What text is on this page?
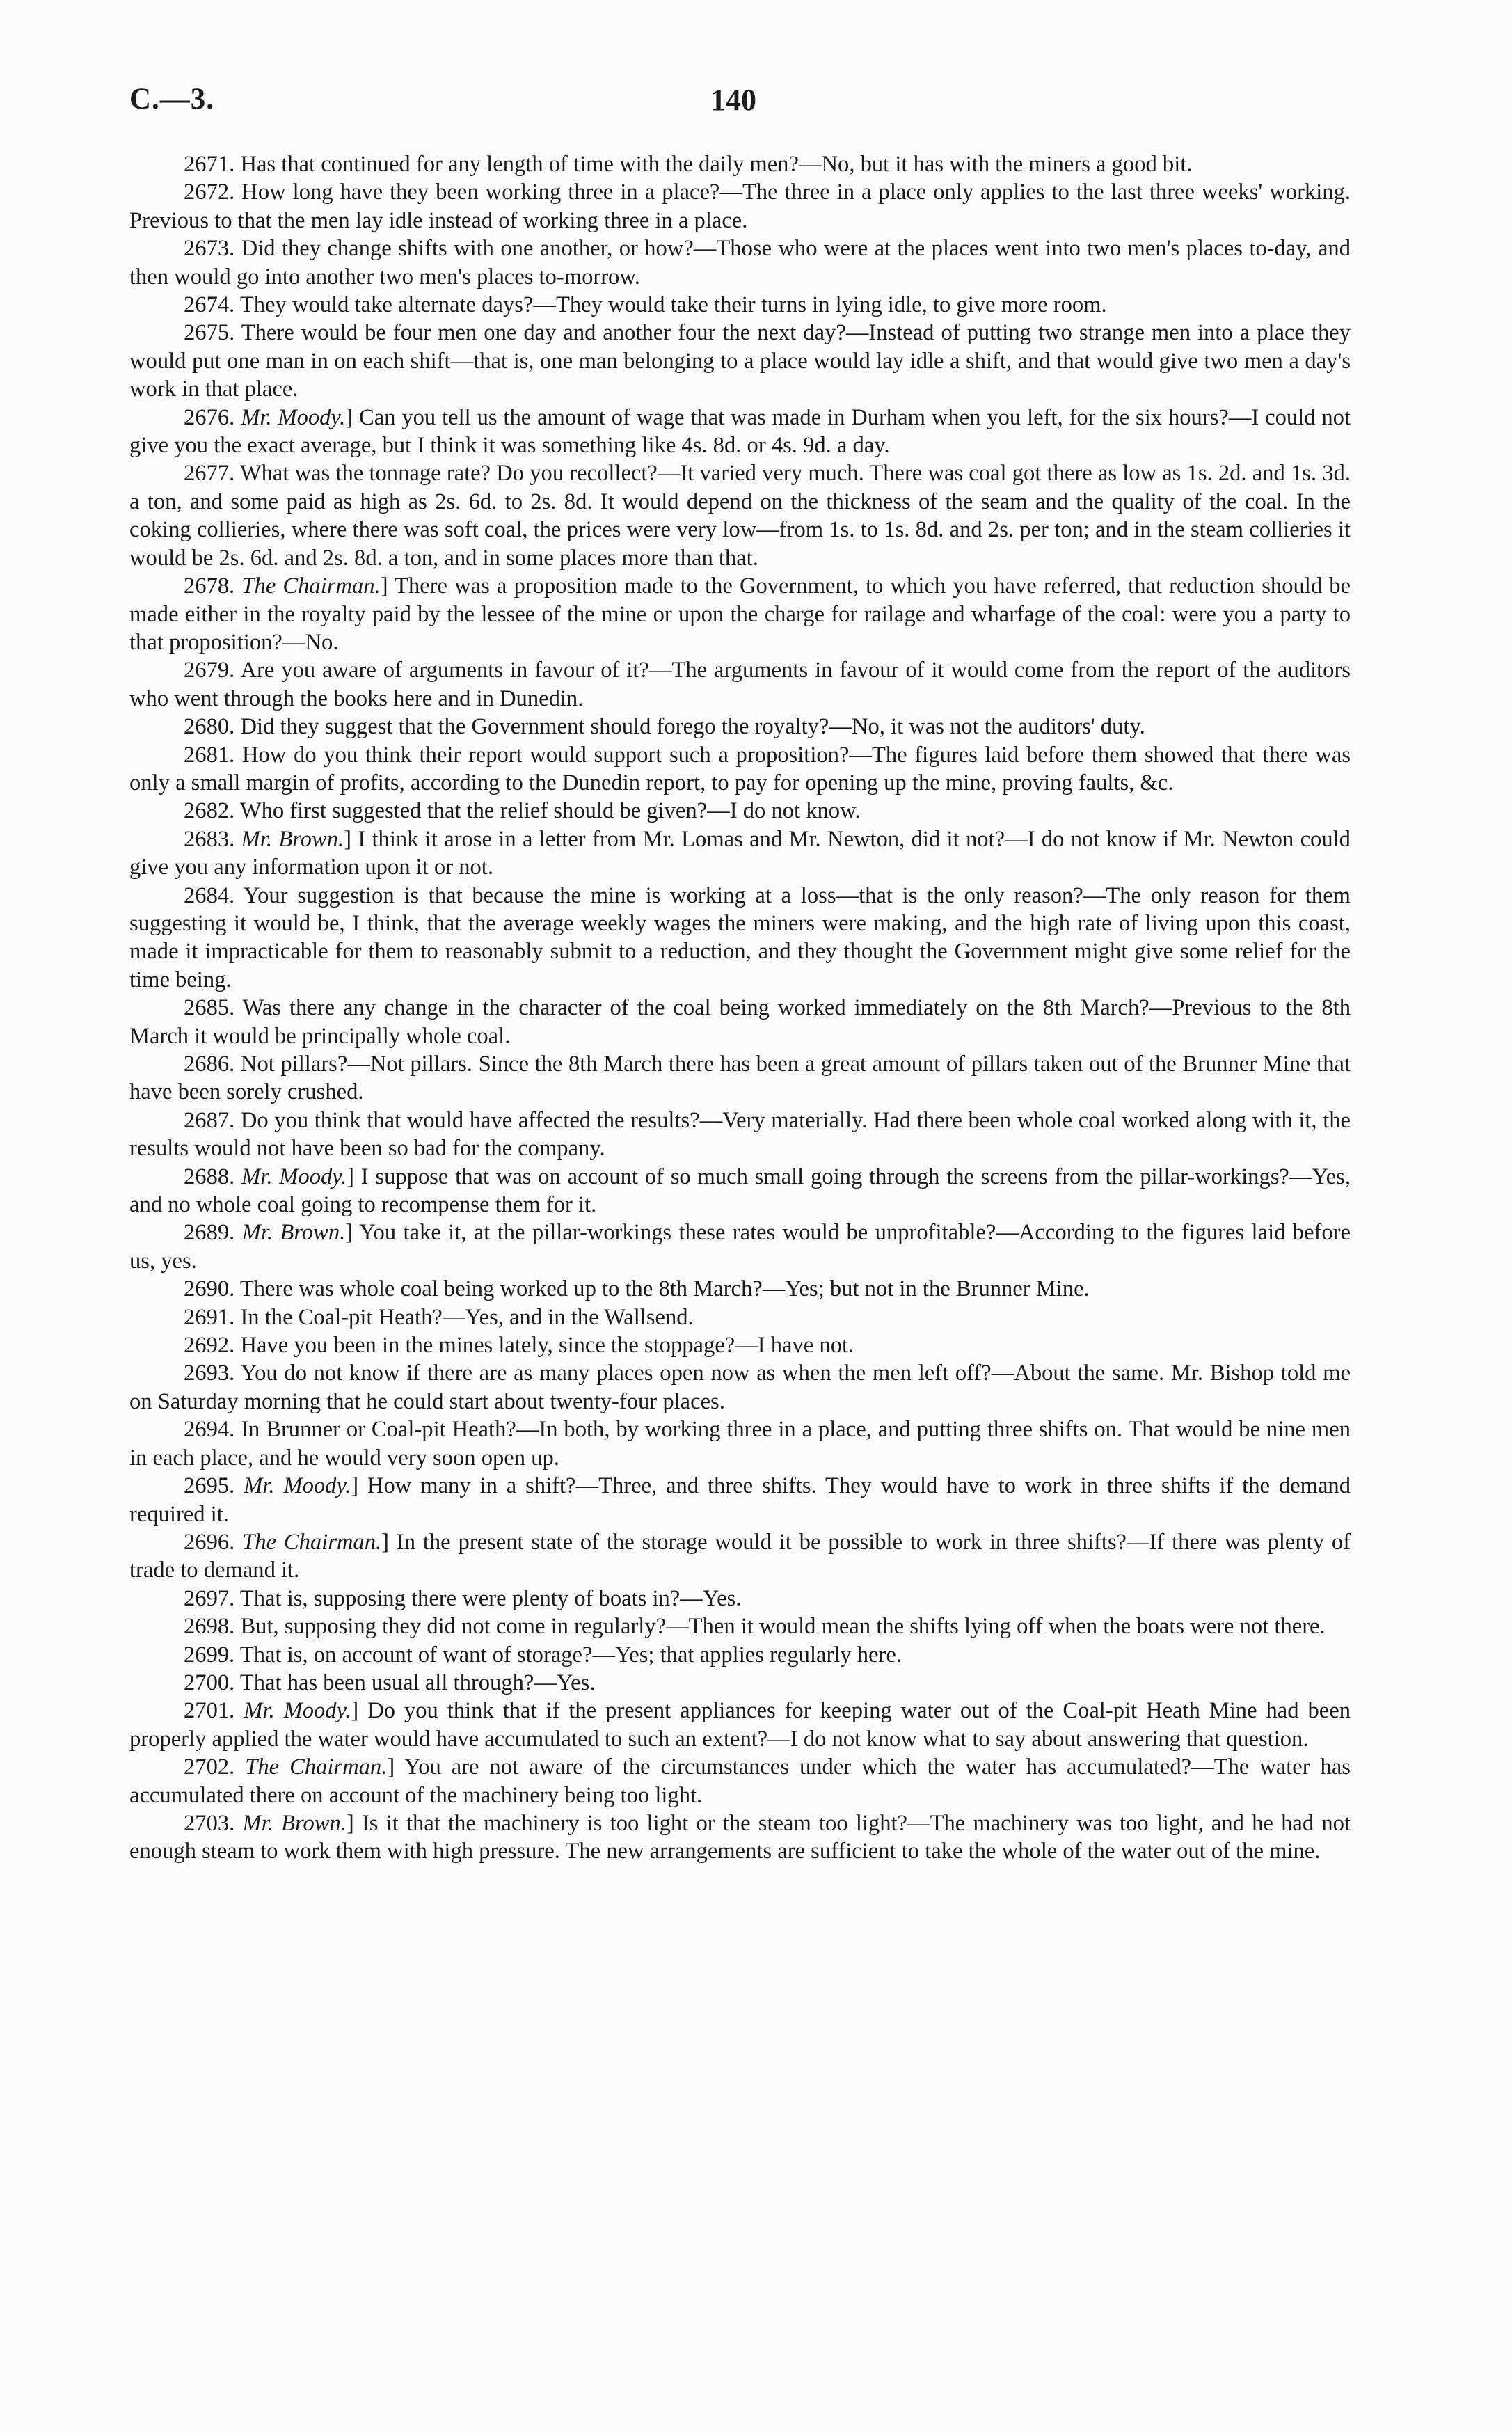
C.—3.	140

2671. Has that continued for any length of time with the daily men?—No, but it has with the miners a good bit.

2672. How long have they been working three in a place?—The three in a place only applies to the last three weeks' working. Previous to that the men lay idle instead of working three in a place.

2673. Did they change shifts with one another, or how?—Those who were at the places went into two men's places to-day, and then would go into another two men's places to-morrow.

2674. They would take alternate days?—They would take their turns in lying idle, to give more room.

2675. There would be four men one day and another four the next day?—Instead of putting two strange men into a place they would put one man in on each shift—that is, one man belonging to a place would lay idle a shift, and that would give two men a day's work in that place.

2676. Mr. Moody.] Can you tell us the amount of wage that was made in Durham when you left, for the six hours?—I could not give you the exact average, but I think it was something like 4s. 8d. or 4s. 9d. a day.

2677. What was the tonnage rate? Do you recollect?—It varied very much. There was coal got there as low as 1s. 2d. and 1s. 3d. a ton, and some paid as high as 2s. 6d. to 2s. 8d. It would depend on the thickness of the seam and the quality of the coal. In the coking collieries, where there was soft coal, the prices were very low—from 1s. to 1s. 8d. and 2s. per ton; and in the steam collieries it would be 2s. 6d. and 2s. 8d. a ton, and in some places more than that.

2678. The Chairman.] There was a proposition made to the Government, to which you have referred, that reduction should be made either in the royalty paid by the lessee of the mine or upon the charge for railage and wharfage of the coal: were you a party to that proposition?—No.

2679. Are you aware of arguments in favour of it?—The arguments in favour of it would come from the report of the auditors who went through the books here and in Dunedin.

2680. Did they suggest that the Government should forego the royalty?—No, it was not the auditors' duty.

2681. How do you think their report would support such a proposition?—The figures laid before them showed that there was only a small margin of profits, according to the Dunedin report, to pay for opening up the mine, proving faults, &c.

2682. Who first suggested that the relief should be given?—I do not know.

2683. Mr. Brown.] I think it arose in a letter from Mr. Lomas and Mr. Newton, did it not?—I do not know if Mr. Newton could give you any information upon it or not.

2684. Your suggestion is that because the mine is working at a loss—that is the only reason?—The only reason for them suggesting it would be, I think, that the average weekly wages the miners were making, and the high rate of living upon this coast, made it impracticable for them to reasonably submit to a reduction, and they thought the Government might give some relief for the time being.

2685. Was there any change in the character of the coal being worked immediately on the 8th March?—Previous to the 8th March it would be principally whole coal.

2686. Not pillars?—Not pillars. Since the 8th March there has been a great amount of pillars taken out of the Brunner Mine that have been sorely crushed.

2687. Do you think that would have affected the results?—Very materially. Had there been whole coal worked along with it, the results would not have been so bad for the company.

2688. Mr. Moody.] I suppose that was on account of so much small going through the screens from the pillar-workings?—Yes, and no whole coal going to recompense them for it.

2689. Mr. Brown.] You take it, at the pillar-workings these rates would be unprofitable?—According to the figures laid before us, yes.

2690. There was whole coal being worked up to the 8th March?—Yes; but not in the Brunner Mine.

2691. In the Coal-pit Heath?—Yes, and in the Wallsend.

2692. Have you been in the mines lately, since the stoppage?—I have not.

2693. You do not know if there are as many places open now as when the men left off?—About the same. Mr. Bishop told me on Saturday morning that he could start about twenty-four places.

2694. In Brunner or Coal-pit Heath?—In both, by working three in a place, and putting three shifts on. That would be nine men in each place, and he would very soon open up.

2695. Mr. Moody.] How many in a shift?—Three, and three shifts. They would have to work in three shifts if the demand required it.

2696. The Chairman.] In the present state of the storage would it be possible to work in three shifts?—If there was plenty of trade to demand it.

2697. That is, supposing there were plenty of boats in?—Yes.

2698. But, supposing they did not come in regularly?—Then it would mean the shifts lying off when the boats were not there.

2699. That is, on account of want of storage?—Yes; that applies regularly here.

2700. That has been usual all through?—Yes.

2701. Mr. Moody.] Do you think that if the present appliances for keeping water out of the Coal-pit Heath Mine had been properly applied the water would have accumulated to such an extent?—I do not know what to say about answering that question.

2702. The Chairman.] You are not aware of the circumstances under which the water has accumulated?—The water has accumulated there on account of the machinery being too light.

2703. Mr. Brown.] Is it that the machinery is too light or the steam too light?—The machinery was too light, and he had not enough steam to work them with high pressure. The new arrangements are sufficient to take the whole of the water out of the mine.
